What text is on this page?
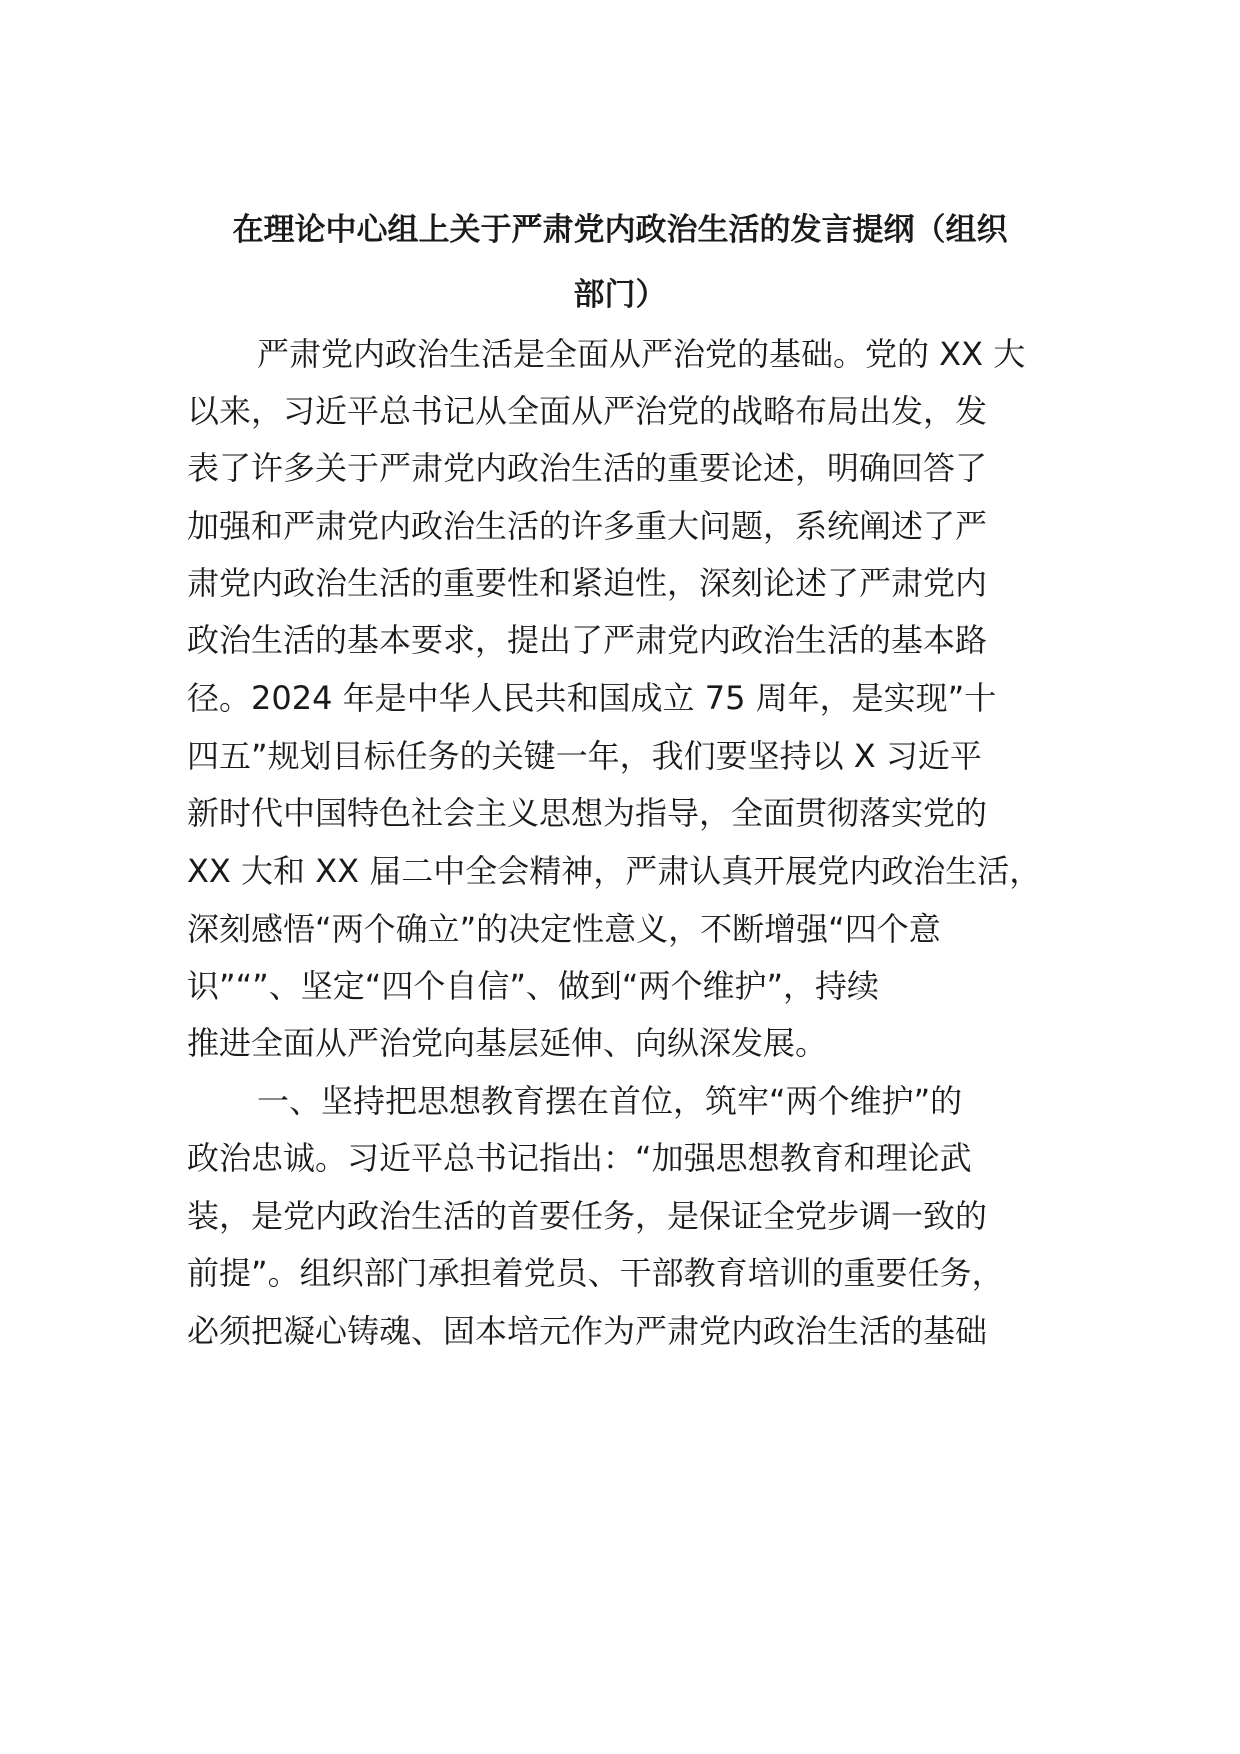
在理论中心组上关于严肃党内政治生活的发言提纲（组织
部门）
严肃党内政治生活是全面从严治党的基础。党的 XX 大
以来，习近平总书记从全面从严治党的战略布局出发，发
表了许多关于严肃党内政治生活的重要论述，明确回答了
加强和严肃党内政治生活的许多重大问题，系统阐述了严
肃党内政治生活的重要性和紧迫性，深刻论述了严肃党内
政治生活的基本要求，提出了严肃党内政治生活的基本路
径。2024 年是中华人民共和国成立 75 周年，是实现”十
四五”规划目标任务的关键一年，我们要坚持以 X 习近平
新时代中国特色社会主义思想为指导，全面贯彻落实党的
XX 大和 XX 届二中全会精神，严肃认真开展党内政治生活，
深刻感悟“两个确立”的决定性意义，不断增强“四个意
识”“”、坚定“四个自信”、做到“两个维护”，持续
推进全面从严治党向基层延伸、向纵深发展。
一、坚持把思想教育摆在首位，筑牢“两个维护”的
政治忠诚。习近平总书记指出：“加强思想教育和理论武
装，是党内政治生活的首要任务，是保证全党步调一致的
前提”。组织部门承担着党员、干部教育培训的重要任务，
必须把凝心铸魂、固本培元作为严肃党内政治生活的基础
